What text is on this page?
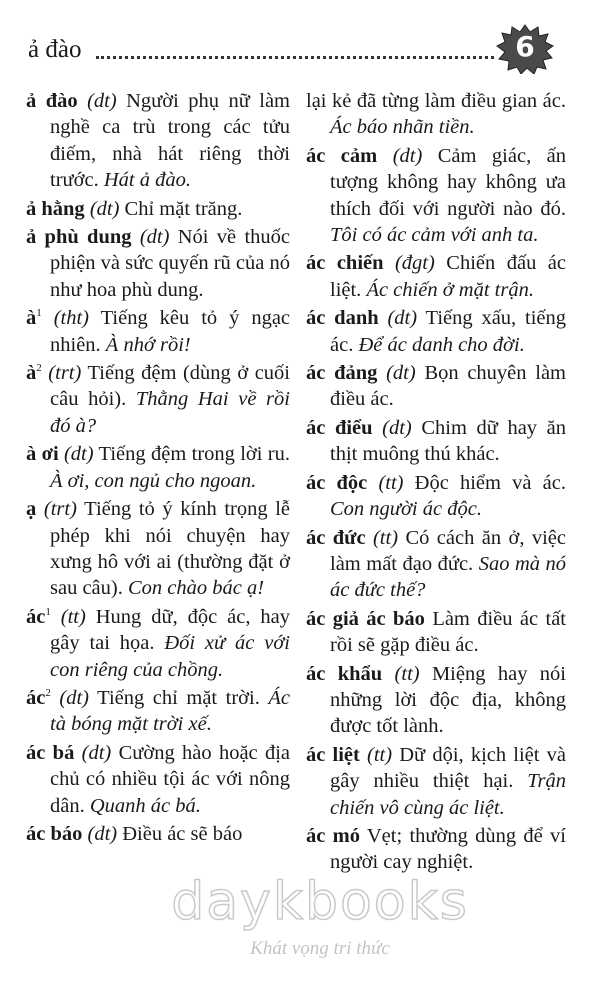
ả đào	6

ả đào (dt) Người phụ nữ làm nghề ca trù trong các tửu điếm, nhà hát riêng thời trước. Hát ả đào.

ả hằng (dt) Chỉ mặt trăng.

ả phù dung (dt) Nói về thuốc phiện và sức quyến rũ của nó như hoa phù dung.

$à^1$ (tht) Tiếng kêu tỏ ý ngạc nhiên. À nhớ rồi!

$à^2$ (trt) Tiếng đệm (dùng ở cuối câu hỏi). Thằng Hai về rồi đó à?

à ơi (dt) Tiếng đệm trong lời ru. À ơi, con ngủ cho ngoan.

ạ (trt) Tiếng tỏ ý kính trọng lễ phép khi nói chuyện hay xưng hô với ai (thường đặt ở sau câu). Con chào bác ạ!

$ác^1$ (tt) Hung dữ, độc ác, hay gây tai họa. Đối xử ác với con riêng của chồng.

$ác^2$ (dt) Tiếng chỉ mặt trời. Ác tà bóng mặt trời xế.

ác bá (dt) Cường hào hoặc địa chủ có nhiều tội ác với nông dân. Quanh ác bá.

ác báo (dt) Điều ác sẽ báo

lại kẻ đã từng làm điều gian ác. Ác báo nhãn tiền.

ác cảm (dt) Cảm giác, ấn tượng không hay không ưa thích đối với người nào đó. Tôi có ác cảm với anh ta.

ác chiến (đgt) Chiến đấu ác liệt. Ác chiến ở mặt trận.

ác danh (dt) Tiếng xấu, tiếng ác. Để ác danh cho đời.

ác đảng (dt) Bọn chuyên làm điều ác.

ác điểu (dt) Chim dữ hay ăn thịt muông thú khác.

ác độc (tt) Độc hiểm và ác. Con người ác độc.

ác đức (tt) Có cách ăn ở, việc làm mất đạo đức. Sao mà nó ác đức thế?

ác giả ác báo Làm điều ác tất rồi sẽ gặp điều ác.

ác khẩu (tt) Miệng hay nói những lời độc địa, không được tốt lành.

ác liệt (tt) Dữ dội, kịch liệt và gây nhiều thiệt hại. Trận chiến vô cùng ác liệt.

ác mó Vẹt; thường dùng để ví người cay nghiệt.

daykbooks
Khát vọng tri thức
